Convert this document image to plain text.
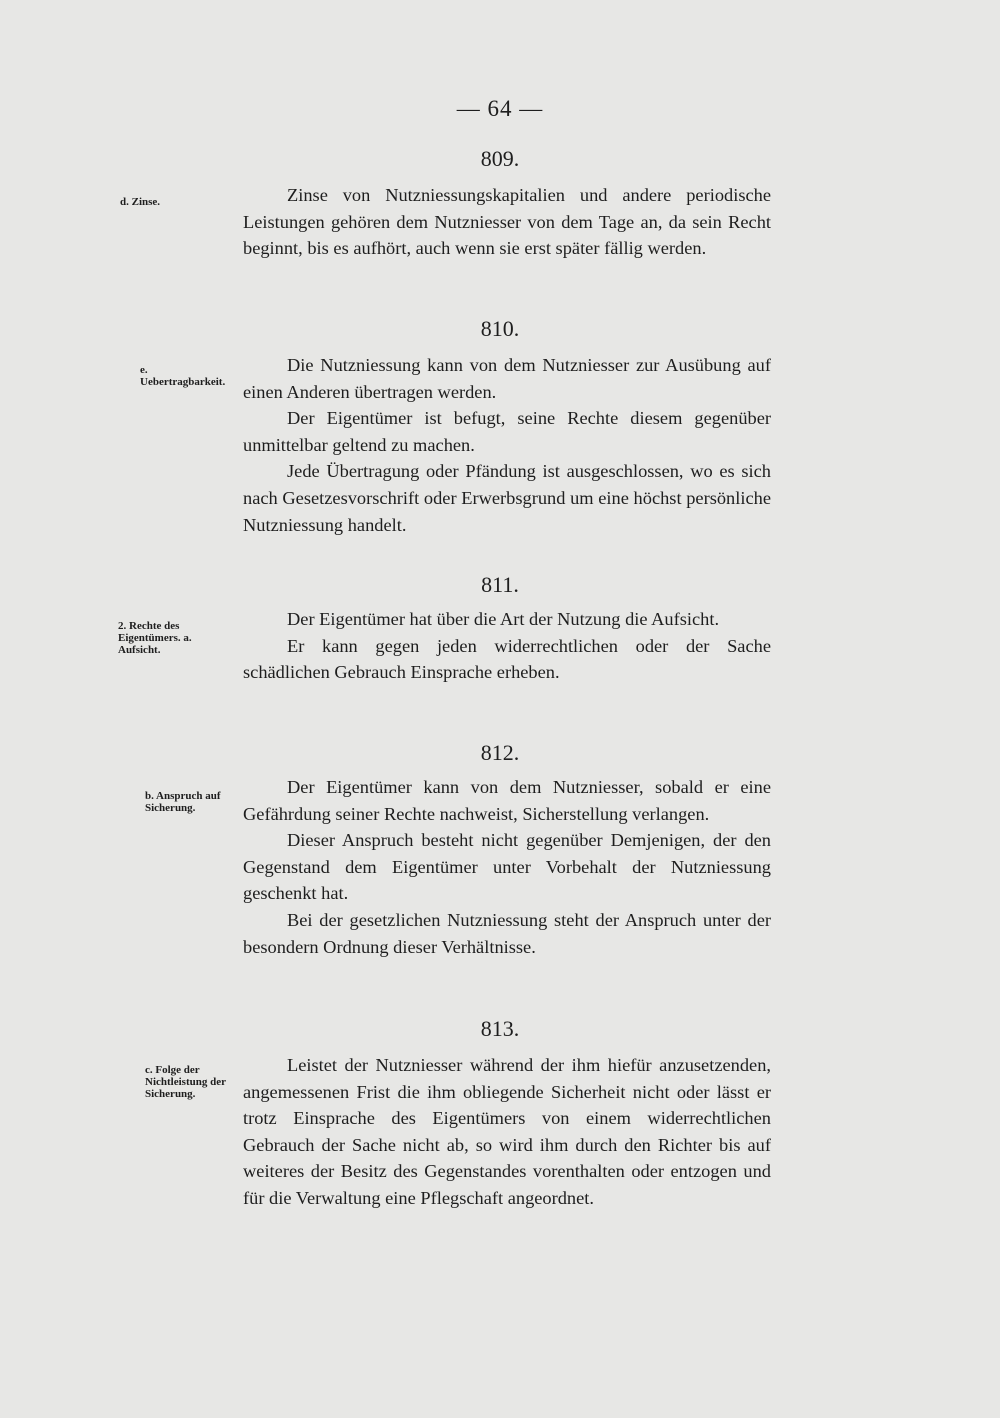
— 64 —
809.
d. Zinse.	Zinse von Nutzniessungskapitalien und andere periodische Leistungen gehören dem Nutzniesser von dem Tage an, da sein Recht beginnt, bis es aufhört, auch wenn sie erst später fällig werden.

810.
e. Uebertragbarkeit.

Die Nutzniessung kann von dem Nutzniesser zur Ausübung auf einen Anderen übertragen werden.

Der Eigentümer ist befugt, seine Rechte diesem gegenüber unmittelbar geltend zu machen.

Jede Übertragung oder Pfändung ist ausgeschlossen, wo es sich nach Gesetzesvorschrift oder Erwerbsgrund um eine höchst persönliche Nutzniessung handelt.

811.
2. Rechte des Eigentümers. a. Aufsicht.

Der Eigentümer hat über die Art der Nutzung die Aufsicht.

Er kann gegen jeden widerrechtlichen oder der Sache schädlichen Gebrauch Einsprache erheben.

812.
b. Anspruch auf Sicherung.

Der Eigentümer kann von dem Nutzniesser, sobald er eine Gefährdung seiner Rechte nachweist, Sicherstellung verlangen.

Dieser Anspruch besteht nicht gegenüber Demjenigen, der den Gegenstand dem Eigentümer unter Vorbehalt der Nutzniessung geschenkt hat.

Bei der gesetzlichen Nutzniessung steht der Anspruch unter der besondern Ordnung dieser Verhältnisse.

813.
c. Folge der Nichtleistung der Sicherung.

Leistet der Nutzniesser während der ihm hiefür anzusetzenden, angemessenen Frist die ihm obliegende Sicherheit nicht oder lässt er trotz Einsprache des Eigentümers von einem widerrechtlichen Gebrauch der Sache nicht ab, so wird ihm durch den Richter bis auf weiteres der Besitz des Gegenstandes vorenthalten oder entzogen und für die Verwaltung eine Pflegschaft angeordnet.
